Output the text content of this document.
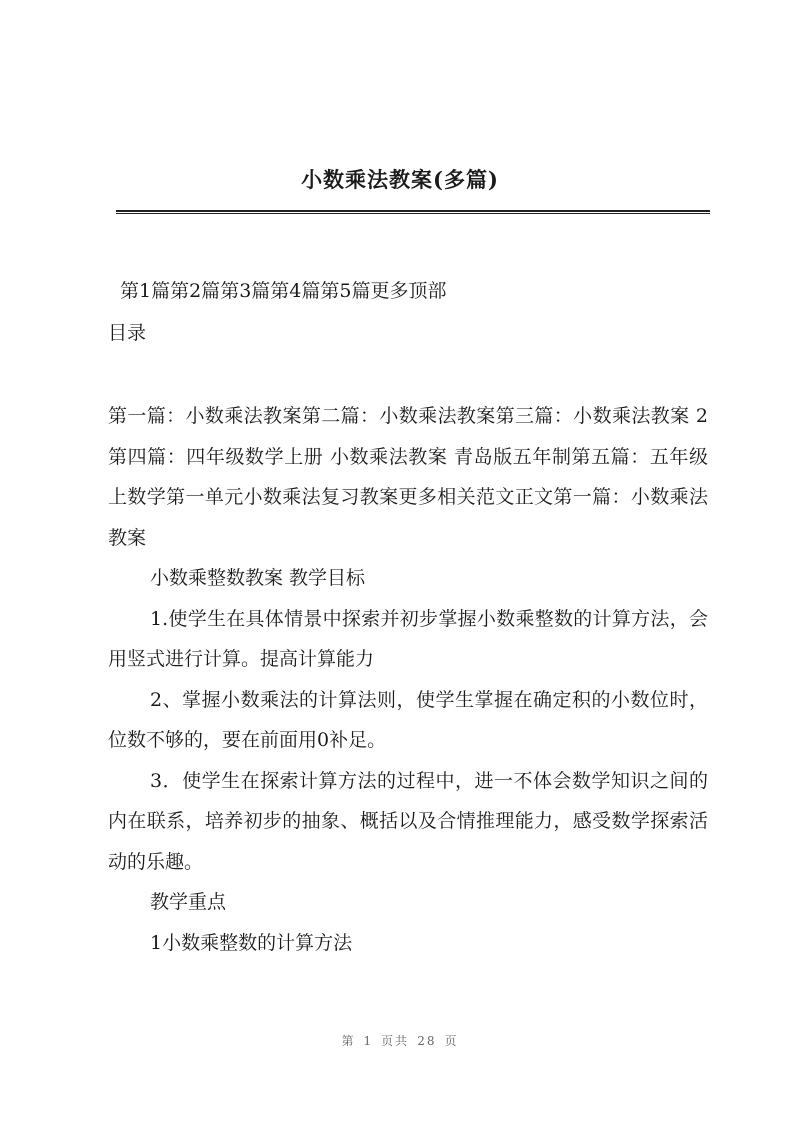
小数乘法教案(多篇)
第1篇第2篇第3篇第4篇第5篇更多顶部
目录

第一篇：小数乘法教案第二篇：小数乘法教案第三篇：小数乘法教案 2第四篇：四年级数学上册 小数乘法教案 青岛版五年制第五篇：五年级上数学第一单元小数乘法复习教案更多相关范文正文第一篇：小数乘法教案

小数乘整数教案 教学目标

1.使学生在具体情景中探索并初步掌握小数乘整数的计算方法，会用竖式进行计算。提高计算能力

2、掌握小数乘法的计算法则，使学生掌握在确定积的小数位时，位数不够的，要在前面用0补足。

3．使学生在探索计算方法的过程中，进一不体会数学知识之间的内在联系，培养初步的抽象、概括以及合情推理能力，感受数学探索活动的乐趣。

教学重点

1小数乘整数的计算方法

第 1 页共 28 页
